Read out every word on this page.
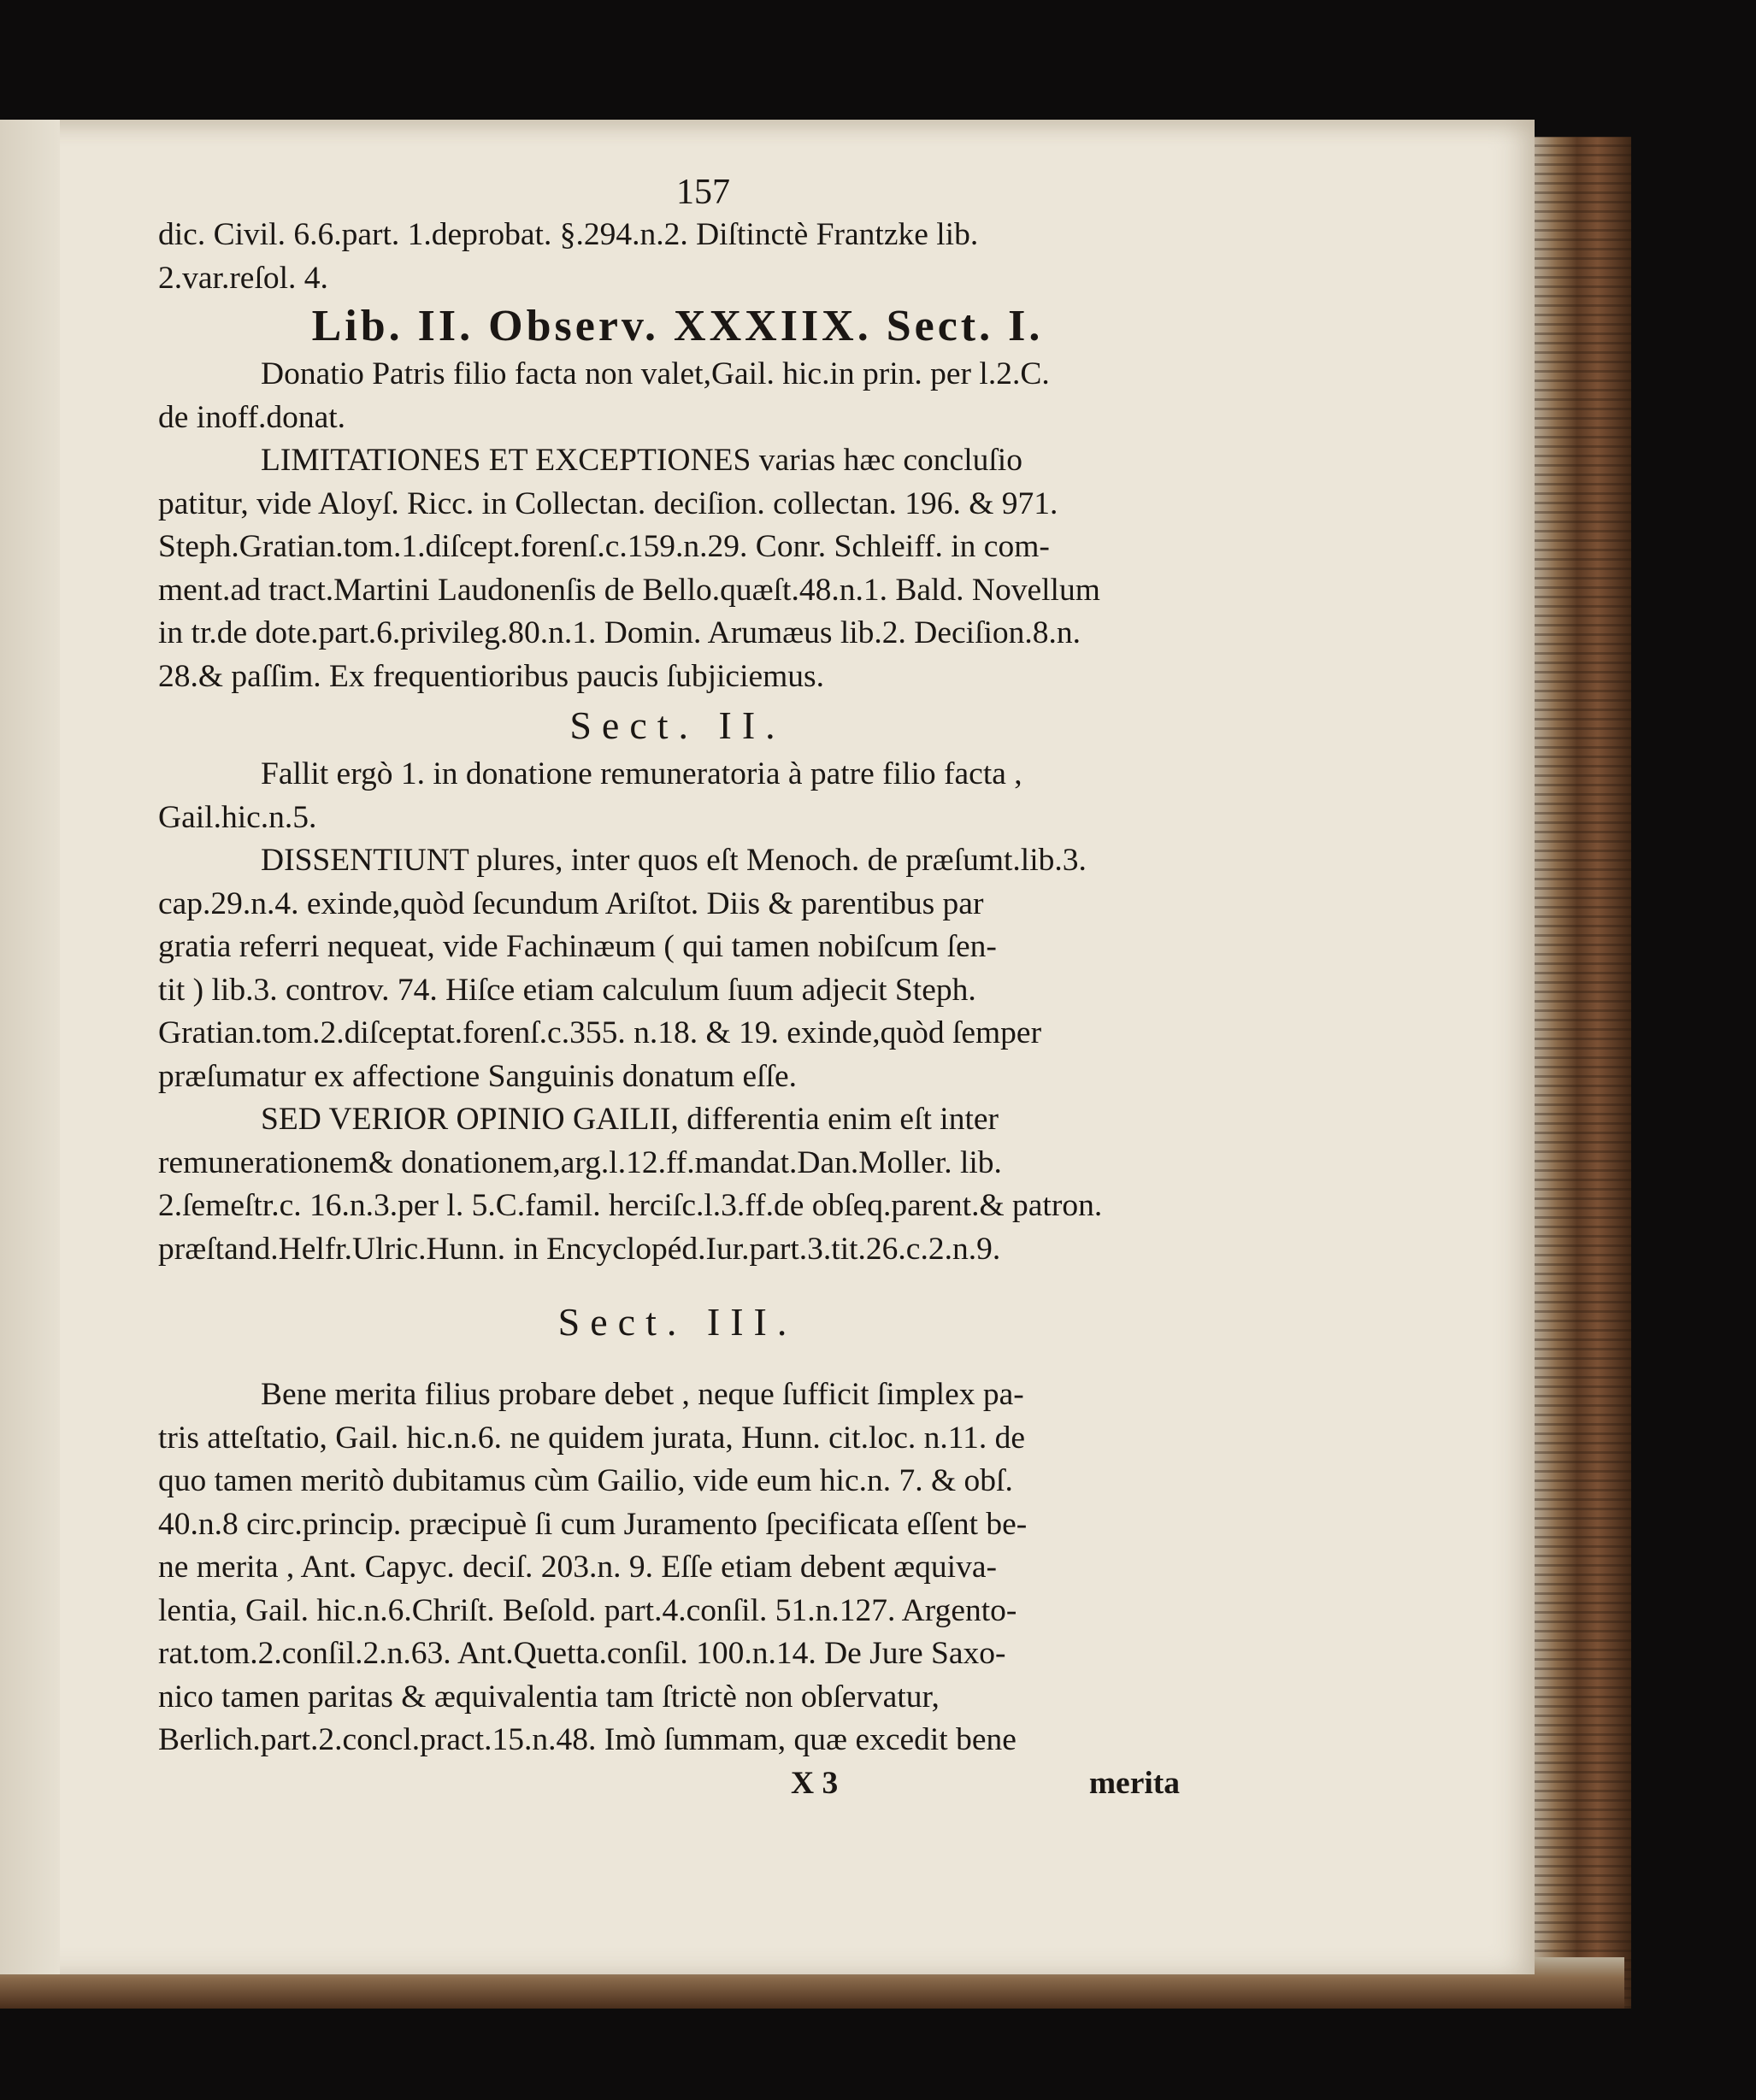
157
dic. Civil. 6.6.part. 1.deprobat. §.294.n.2. Diſtinctè Frantzke lib.
2.var.reſol. 4.
Lib. II. Observ. XXXIIX. Sect. I.
Donatio Patris filio facta non valet,Gail. hic.in prin. per l.2.C.
de inoff.donat.
LIMITATIONES ET EXCEPTIONES varias hæc concluſio
patitur, vide Aloyſ. Ricc. in Collectan. deciſion. collectan. 196. & 971.
Steph.Gratian.tom.1.diſcept.forenſ.c.159.n.29. Conr. Schleiff. in com-
ment.ad tract.Martini Laudonenſis de Bello.quæſt.48.n.1. Bald. Novellum
in tr.de dote.part.6.privileg.80.n.1. Domin. Arumæus lib.2. Deciſion.8.n.
28.& paſſim. Ex frequentioribus paucis ſubjiciemus.
Sect. II.
Fallit ergò 1. in donatione remuneratoria à patre filio facta ,
Gail.hic.n.5.
DISSENTIUNT plures, inter quos eſt Menoch. de præſumt.lib.3.
cap.29.n.4. exinde,quòd ſecundum Ariſtot. Diis & parentibus par
gratia referri nequeat, vide Fachinæum ( qui tamen nobiſcum ſen-
tit ) lib.3. controv. 74. Hiſce etiam calculum ſuum adjecit Steph.
Gratian.tom.2.diſceptat.forenſ.c.355. n.18. & 19. exinde,quòd ſemper
præſumatur ex affectione Sanguinis donatum eſſe.
SED VERIOR OPINIO GAILII, differentia enim eſt inter
remunerationem& donationem,arg.l.12.ff.mandat.Dan.Moller. lib.
2.ſemeſtr.c. 16.n.3.per l. 5.C.famil. herciſc.l.3.ff.de obſeq.parent.& patron.
præſtand.Helfr.Ulric.Hunn. in Encyclopéd.Iur.part.3.tit.26.c.2.n.9.
Sect. III.
Bene merita filius probare debet , neque ſufficit ſimplex pa-
tris atteſtatio, Gail. hic.n.6. ne quidem jurata, Hunn. cit.loc. n.11. de
quo tamen meritò dubitamus cùm Gailio, vide eum hic.n. 7. & obſ.
40.n.8 circ.princip. præcipuè ſi cum Juramento ſpecificata eſſent be-
ne merita , Ant. Capyc. deciſ. 203.n. 9. Eſſe etiam debent æquiva-
lentia, Gail. hic.n.6.Chriſt. Beſold. part.4.conſil. 51.n.127. Argento-
rat.tom.2.conſil.2.n.63. Ant.Quetta.conſil. 100.n.14. De Jure Saxo-
nico tamen paritas & æquivalentia tam ſtrictè non obſervatur,
Berlich.part.2.concl.pract.15.n.48. Imò ſummam, quæ excedit bene
X 3	merita
